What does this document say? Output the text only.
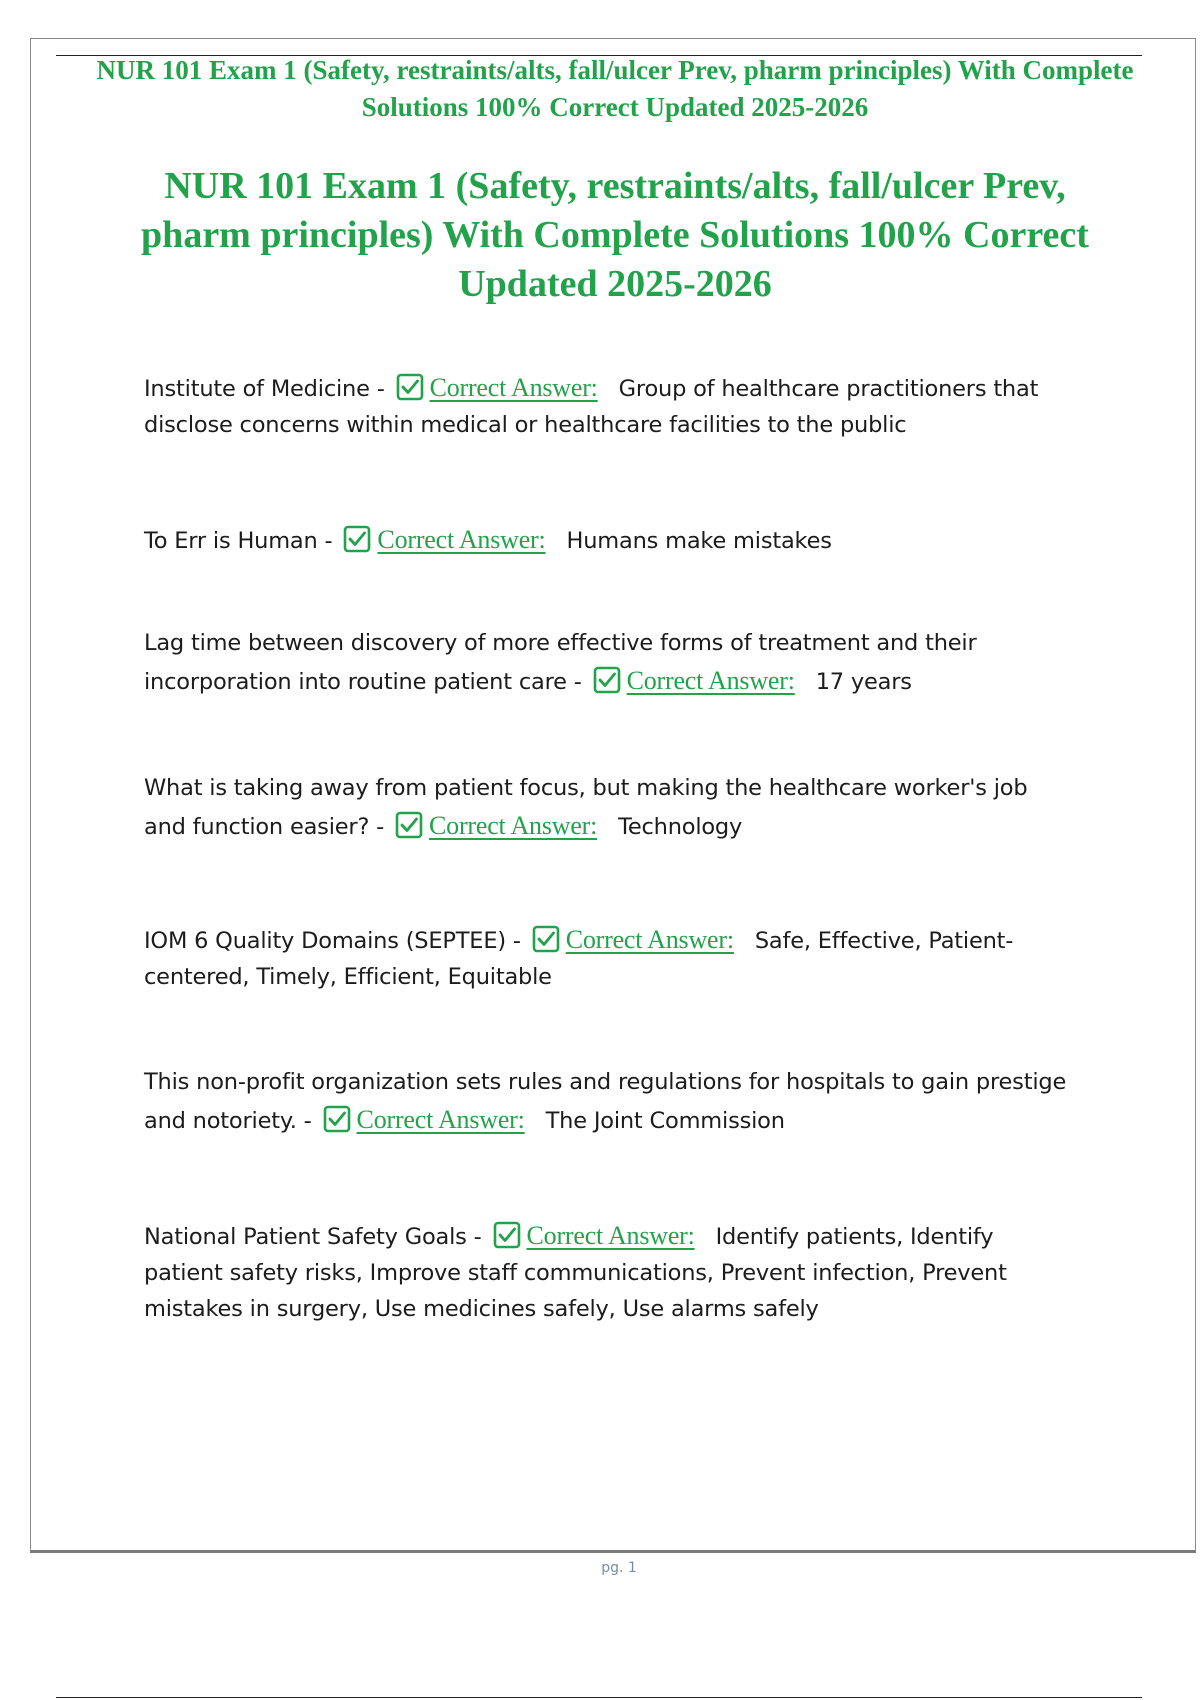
NUR 101 Exam 1 (Safety, restraints/alts, fall/ulcer Prev, pharm principles) With Complete Solutions 100% Correct Updated 2025-2026
NUR 101 Exam 1 (Safety, restraints/alts, fall/ulcer Prev, pharm principles) With Complete Solutions 100% Correct Updated 2025-2026
Institute of Medicine - Correct Answer: Group of healthcare practitioners that disclose concerns within medical or healthcare facilities to the public
To Err is Human - Correct Answer: Humans make mistakes
Lag time between discovery of more effective forms of treatment and their incorporation into routine patient care - Correct Answer: 17 years
What is taking away from patient focus, but making the healthcare worker's job and function easier? - Correct Answer: Technology
IOM 6 Quality Domains (SEPTEE) - Correct Answer: Safe, Effective, Patient-centered, Timely, Efficient, Equitable
This non-profit organization sets rules and regulations for hospitals to gain prestige and notoriety. - Correct Answer: The Joint Commission
National Patient Safety Goals - Correct Answer: Identify patients, Identify patient safety risks, Improve staff communications, Prevent infection, Prevent mistakes in surgery, Use medicines safely, Use alarms safely
pg. 1
